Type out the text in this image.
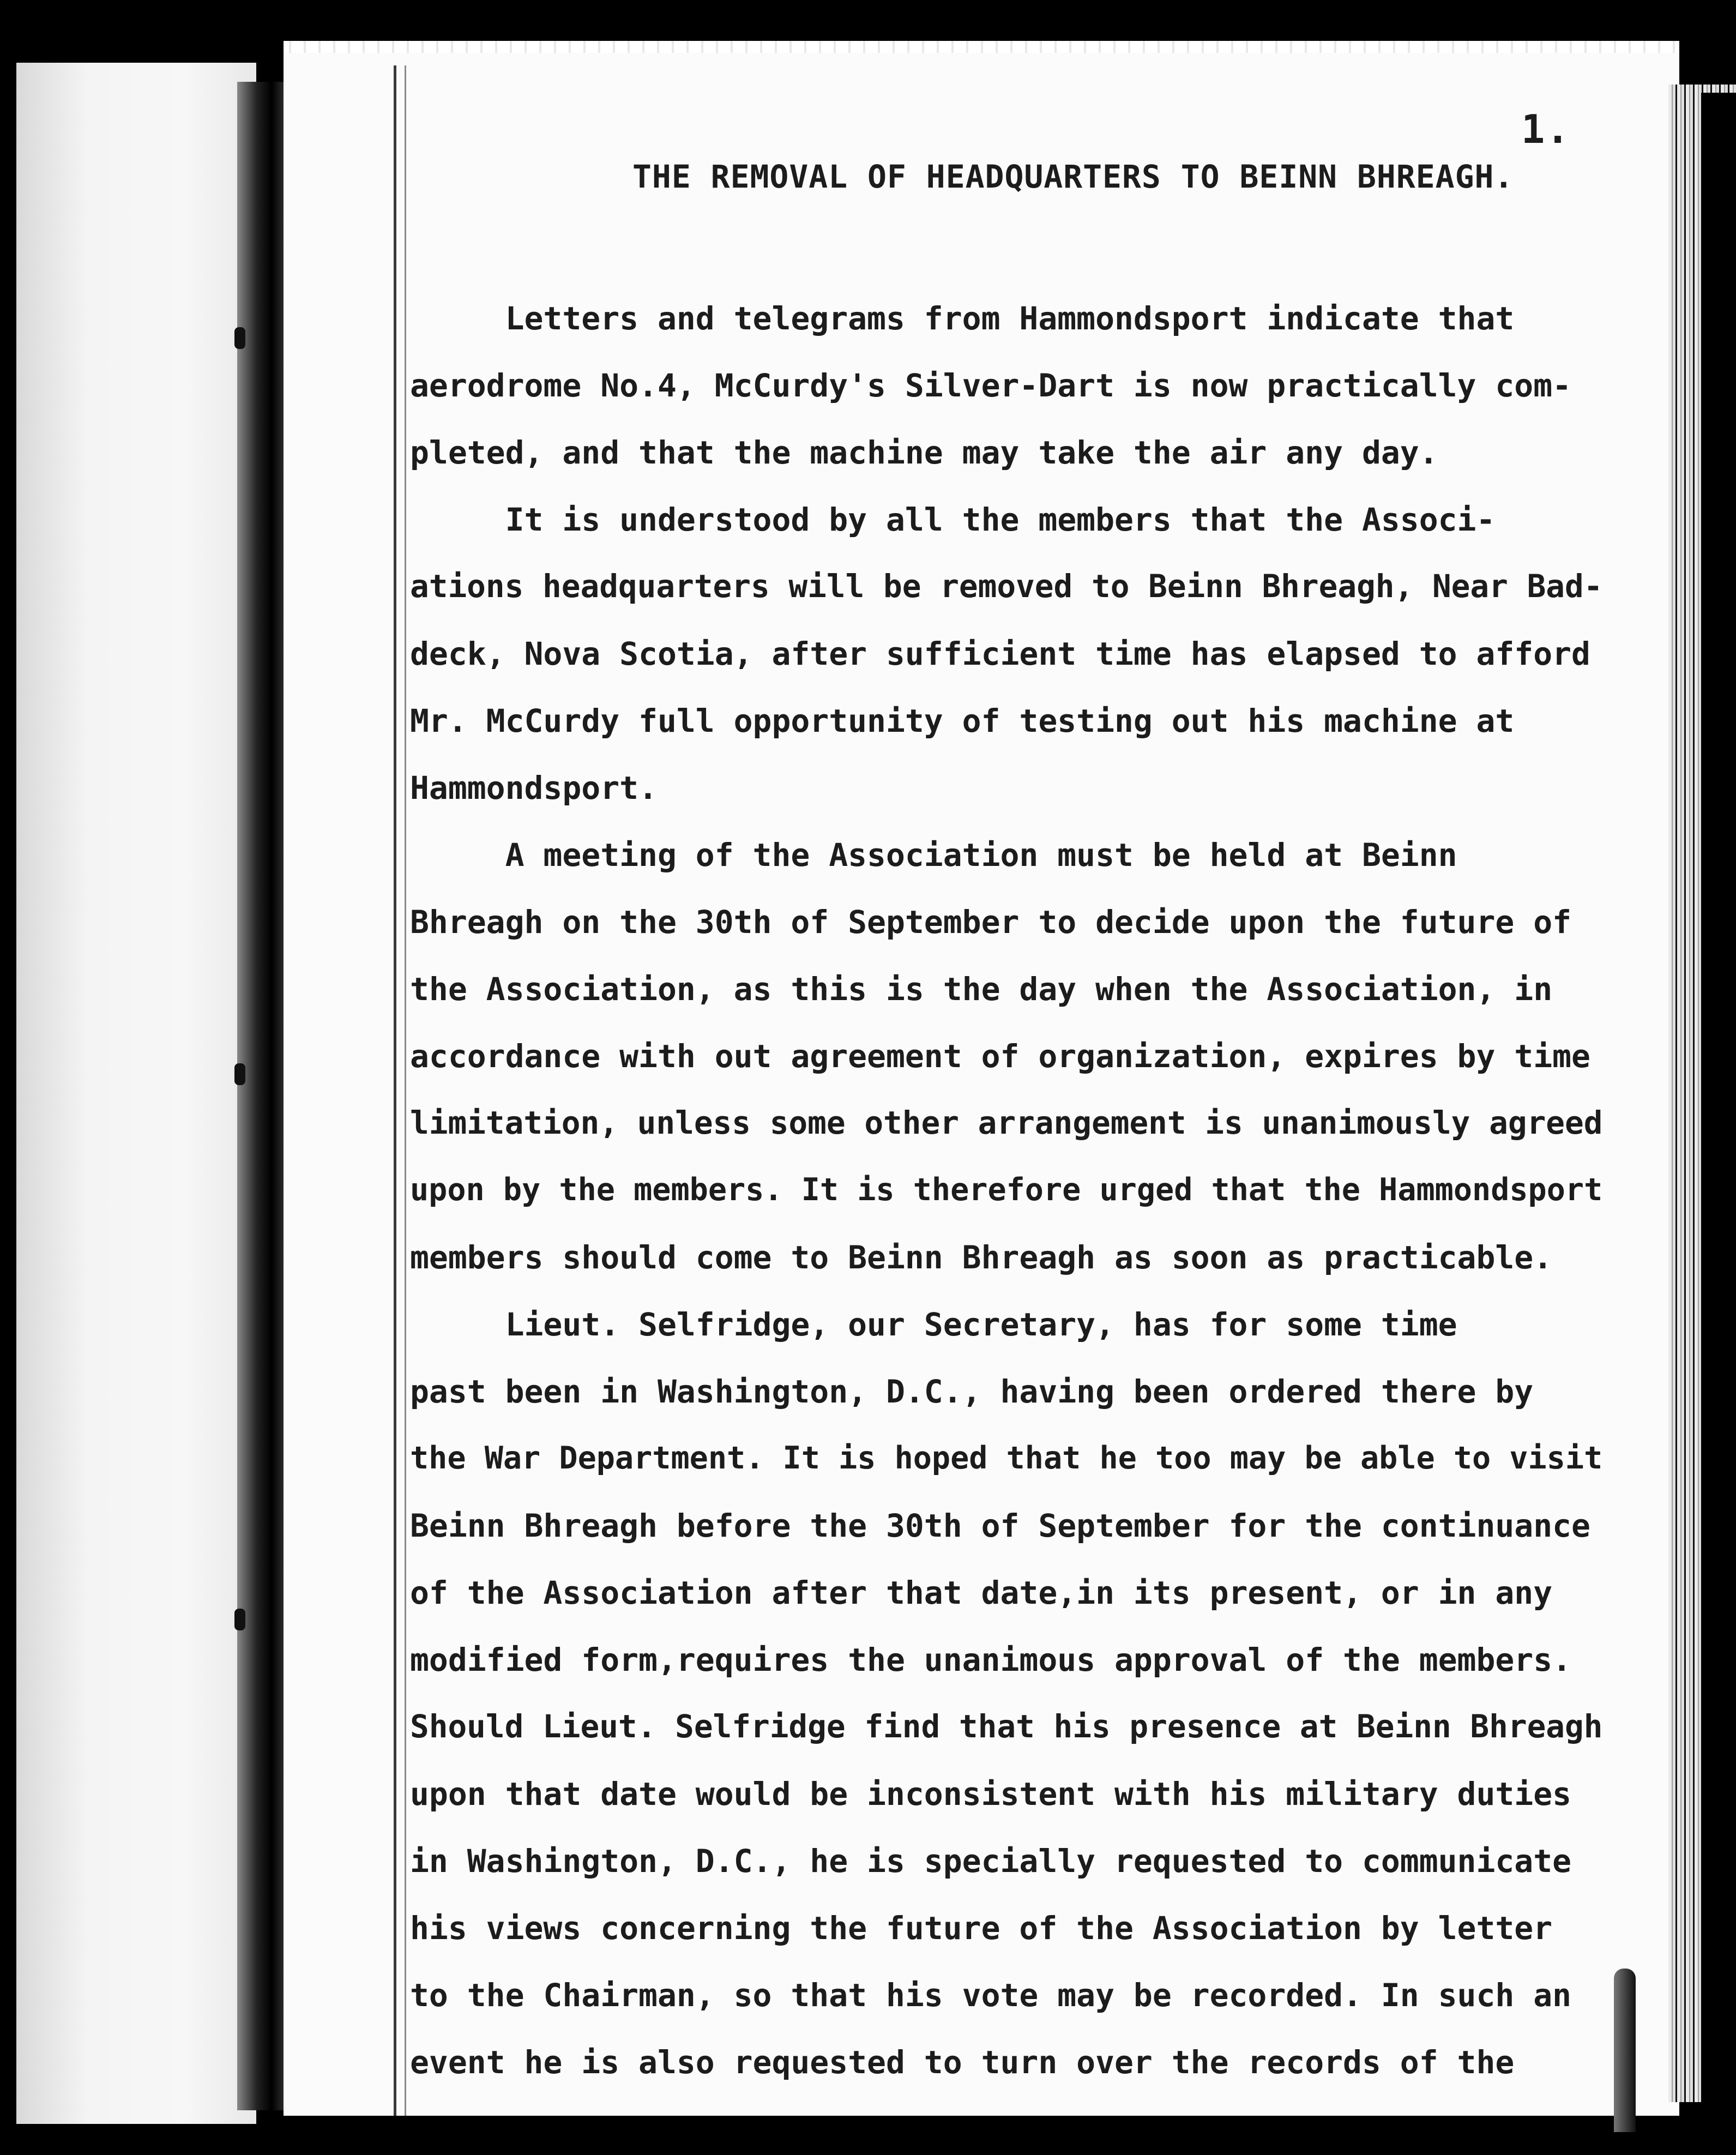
1.
THE REMOVAL OF HEADQUARTERS TO BEINN BHREAGH.
Letters and telegrams from Hammondsport indicate that
aerodrome No.4, McCurdy's Silver-Dart is now practically com-
pleted, and that the machine may take the air any day.
It is understood by all the members that the Associ-
ations headquarters will be removed to Beinn Bhreagh, Near Bad-
deck, Nova Scotia, after sufficient time has elapsed to afford
Mr. McCurdy full opportunity of testing out his machine at
Hammondsport.
A meeting of the Association must be held at Beinn
Bhreagh on the 30th of September to decide upon the future of
the Association, as this is the day when the Association, in
accordance with out agreement of organization, expires by time
limitation, unless some other arrangement is unanimously agreed
upon by the members. It is therefore urged that the Hammondsport
members should come to Beinn Bhreagh as soon as practicable.
Lieut. Selfridge, our Secretary, has for some time
past been in Washington, D.C., having been ordered there by
the War Department. It is hoped that he too may be able to visit
Beinn Bhreagh before the 30th of September for the continuance
of the Association after that date,in its present, or in any
modified form,requires the unanimous approval of the members.
Should Lieut. Selfridge find that his presence at Beinn Bhreagh
upon that date would be inconsistent with his military duties
in Washington, D.C., he is specially requested to communicate
his views concerning the future of the Association by letter
to the Chairman, so that his vote may be recorded. In such an
event he is also requested to turn over the records of the
